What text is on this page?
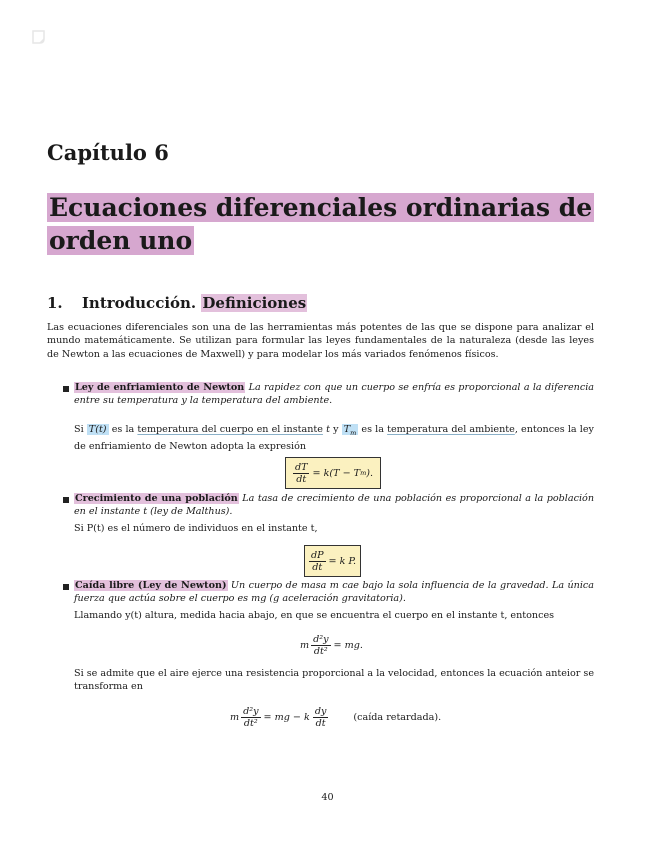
Capítulo 6
Ecuaciones diferenciales ordinarias de
orden uno
1. Introducción. Definiciones
Las ecuaciones diferenciales son una de las herramientas más potentes de las que se dispone para analizar el mundo matemáticamente. Se utilizan para formular las leyes fundamentales de la naturaleza (desde las leyes de Newton a las ecuaciones de Maxwell) y para modelar los más variados fenómenos físicos.
Ley de enfriamiento de Newton La rapidez con que un cuerpo se enfría es proporcional a la diferencia entre su temperatura y la temperatura del ambiente.
Si T(t) es la temperatura del cuerpo en el instante t y $T_m$ es la temperatura del ambiente, entonces la ley de enfriamiento de Newton adopta la expresión
$\frac{dT}{dt} = k(T - T$ m ).
Crecimiento de una población La tasa de crecimiento de una población es proporcional a la población en el instante t (ley de Malthus).
Si P(t) es el número de individuos en el instante t,
$\frac{dP}{dt} = k$ P.
Caída libre (Ley de Newton) Un cuerpo de masa m cae bajo la sola influencia de la gravedad. La única fuerza que actúa sobre el cuerpo es mg (g aceleración gravitatoria).
Llamando y(t) altura, medida hacia abajo, en que se encuentra el cuerpo en el instante t, entonces
m $\frac{\text{d²y}}{\text{dt²}}$ = mg.
Si se admite que el aire ejerce una resistencia proporcional a la velocidad, entonces la ecuación anteior se transforma en
m $\frac{\text{d²y}}{\text{dt²}}$ = mg − k $\frac{dy}{dt}$	(caída retardada).
40
